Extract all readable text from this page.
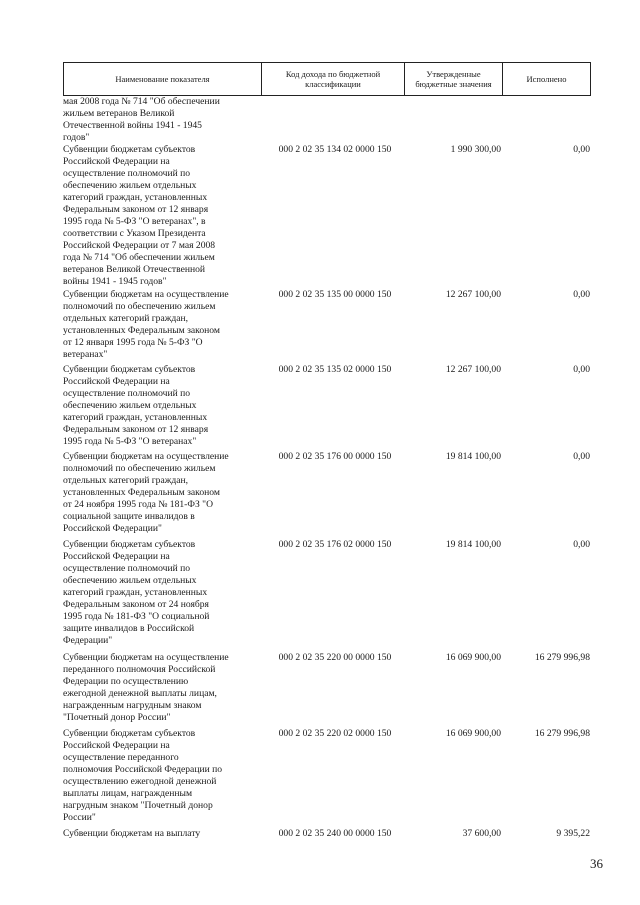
Наименование показателя	Код дохода по бюджетной классификации	Утвержденные бюджетные значения	Исполнено
мая 2008 года № 714 "Об обеспечении
жильем ветеранов Великой
Отечественной войны 1941 - 1945
годов"
Субвенции бюджетам субъектов
Российской Федерации на
осуществление полномочий по
обеспечению жильем отдельных
категорий граждан, установленных
Федеральным законом от 12 января
1995 года № 5-ФЗ "О ветеранах", в
соответствии с Указом Президента
Российской Федерации от 7 мая 2008
года № 714 "Об обеспечении жильем
ветеранов Великой Отечественной
войны 1941 - 1945 годов"
000 2 02 35 134 02 0000 150	1 990 300,00	0,00
Субвенции бюджетам на осуществление
полномочий по обеспечению жильем
отдельных категорий граждан,
установленных Федеральным законом
от 12 января 1995 года № 5-ФЗ "О
ветеранах"
000 2 02 35 135 00 0000 150	12 267 100,00	0,00
Субвенции бюджетам субъектов
Российской Федерации на
осуществление полномочий по
обеспечению жильем отдельных
категорий граждан, установленных
Федеральным законом от 12 января
1995 года № 5-ФЗ "О ветеранах"
000 2 02 35 135 02 0000 150	12 267 100,00	0,00
Субвенции бюджетам на осуществление
полномочий по обеспечению жильем
отдельных категорий граждан,
установленных Федеральным законом
от 24 ноября 1995 года № 181-ФЗ "О
социальной защите инвалидов в
Российской Федерации"
000 2 02 35 176 00 0000 150	19 814 100,00	0,00
Субвенции бюджетам субъектов
Российской Федерации на
осуществление полномочий по
обеспечению жильем отдельных
категорий граждан, установленных
Федеральным законом от 24 ноября
1995 года № 181-ФЗ "О социальной
защите инвалидов в Российской
Федерации"
000 2 02 35 176 02 0000 150	19 814 100,00	0,00
Субвенции бюджетам на осуществление
переданного полномочия Российской
Федерации по осуществлению
ежегодной денежной выплаты лицам,
награжденным нагрудным знаком
"Почетный донор России"
000 2 02 35 220 00 0000 150	16 069 900,00	16 279 996,98
Субвенции бюджетам субъектов
Российской Федерации на
осуществление переданного
полномочия Российской Федерации по
осуществлению ежегодной денежной
выплаты лицам, награжденным
нагрудным знаком "Почетный донор
России"
000 2 02 35 220 02 0000 150	16 069 900,00	16 279 996,98
Субвенции бюджетам на выплату	000 2 02 35 240 00 0000 150	37 600,00	9 395,22
36
